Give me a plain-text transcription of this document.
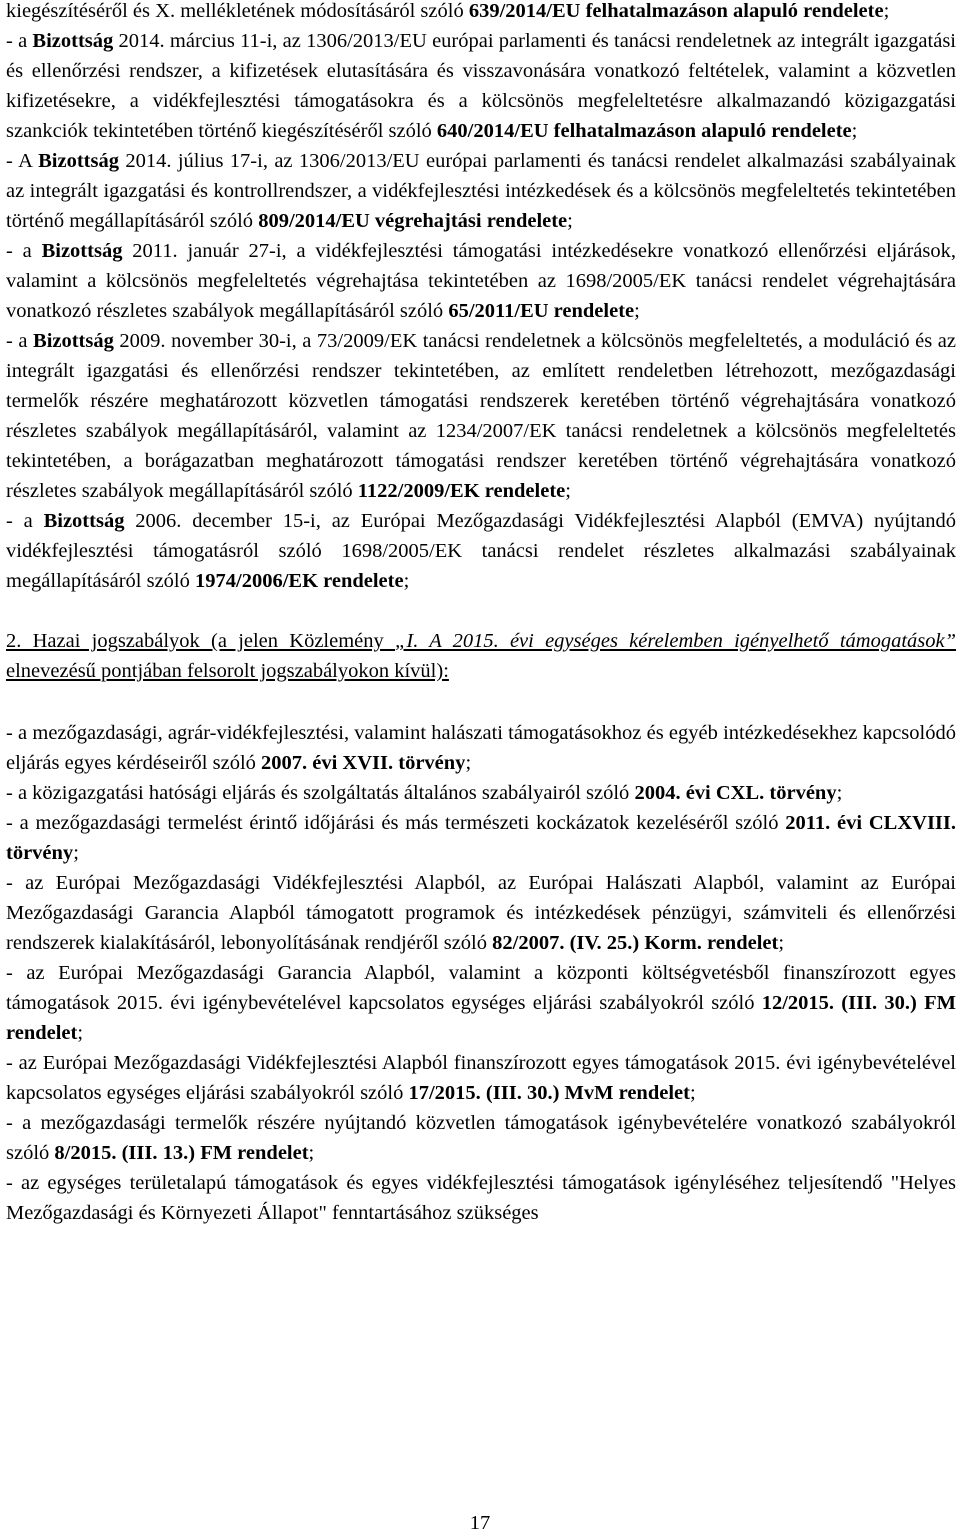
kiegészítéséről és X. mellékletének módosításáról szóló 639/2014/EU felhatalmazáson alapuló rendelete;

- a Bizottság 2014. március 11-i, az 1306/2013/EU európai parlamenti és tanácsi rendeletnek az integrált igazgatási és ellenőrzési rendszer, a kifizetések elutasítására és visszavonására vonatkozó feltételek, valamint a közvetlen kifizetésekre, a vidékfejlesztési támogatásokra és a kölcsönös megfeleltetésre alkalmazandó közigazgatási szankciók tekintetében történő kiegészítéséről szóló 640/2014/EU felhatalmazáson alapuló rendelete;

- A Bizottság 2014. július 17-i, az 1306/2013/EU európai parlamenti és tanácsi rendelet alkalmazási szabályainak az integrált igazgatási és kontrollrendszer, a vidékfejlesztési intézkedések és a kölcsönös megfeleltetés tekintetében történő megállapításáról szóló 809/2014/EU végrehajtási rendelete;

- a Bizottság 2011. január 27-i, a vidékfejlesztési támogatási intézkedésekre vonatkozó ellenőrzési eljárások, valamint a kölcsönös megfeleltetés végrehajtása tekintetében az 1698/2005/EK tanácsi rendelet végrehajtására vonatkozó részletes szabályok megállapításáról szóló 65/2011/EU rendelete;

- a Bizottság 2009. november 30-i, a 73/2009/EK tanácsi rendeletnek a kölcsönös megfeleltetés, a moduláció és az integrált igazgatási és ellenőrzési rendszer tekintetében, az említett rendeletben létrehozott, mezőgazdasági termelők részére meghatározott közvetlen támogatási rendszerek keretében történő végrehajtására vonatkozó részletes szabályok megállapításáról, valamint az 1234/2007/EK tanácsi rendeletnek a kölcsönös megfeleltetés tekintetében, a borágazatban meghatározott támogatási rendszer keretében történő végrehajtására vonatkozó részletes szabályok megállapításáról szóló 1122/2009/EK rendelete;

- a Bizottság 2006. december 15-i, az Európai Mezőgazdasági Vidékfejlesztési Alapból (EMVA) nyújtandó vidékfejlesztési támogatásról szóló 1698/2005/EK tanácsi rendelet részletes alkalmazási szabályainak megállapításáról szóló 1974/2006/EK rendelete;

2. Hazai jogszabályok (a jelen Közlemény „I. A 2015. évi egységes kérelemben igényelhető támogatások” elnevezésű pontjában felsorolt jogszabályokon kívül):

- a mezőgazdasági, agrár-vidékfejlesztési, valamint halászati támogatásokhoz és egyéb intézkedésekhez kapcsolódó eljárás egyes kérdéseiről szóló 2007. évi XVII. törvény;

- a közigazgatási hatósági eljárás és szolgáltatás általános szabályairól szóló 2004. évi CXL. törvény;

- a mezőgazdasági termelést érintő időjárási és más természeti kockázatok kezeléséről szóló 2011. évi CLXVIII. törvény;

- az Európai Mezőgazdasági Vidékfejlesztési Alapból, az Európai Halászati Alapból, valamint az Európai Mezőgazdasági Garancia Alapból támogatott programok és intézkedések pénzügyi, számviteli és ellenőrzési rendszerek kialakításáról, lebonyolításának rendjéről szóló 82/2007. (IV. 25.) Korm. rendelet;

- az Európai Mezőgazdasági Garancia Alapból, valamint a központi költségvetésből finanszírozott egyes támogatások 2015. évi igénybevételével kapcsolatos egységes eljárási szabályokról szóló 12/2015. (III. 30.) FM rendelet;

- az Európai Mezőgazdasági Vidékfejlesztési Alapból finanszírozott egyes támogatások 2015. évi igénybevételével kapcsolatos egységes eljárási szabályokról szóló 17/2015. (III. 30.) MvM rendelet;

- a mezőgazdasági termelők részére nyújtandó közvetlen támogatások igénybevételére vonatkozó szabályokról szóló 8/2015. (III. 13.) FM rendelet;

- az egységes területalapú támogatások és egyes vidékfejlesztési támogatások igényléséhez teljesítendő "Helyes Mezőgazdasági és Környezeti Állapot" fenntartásához szükséges

17
